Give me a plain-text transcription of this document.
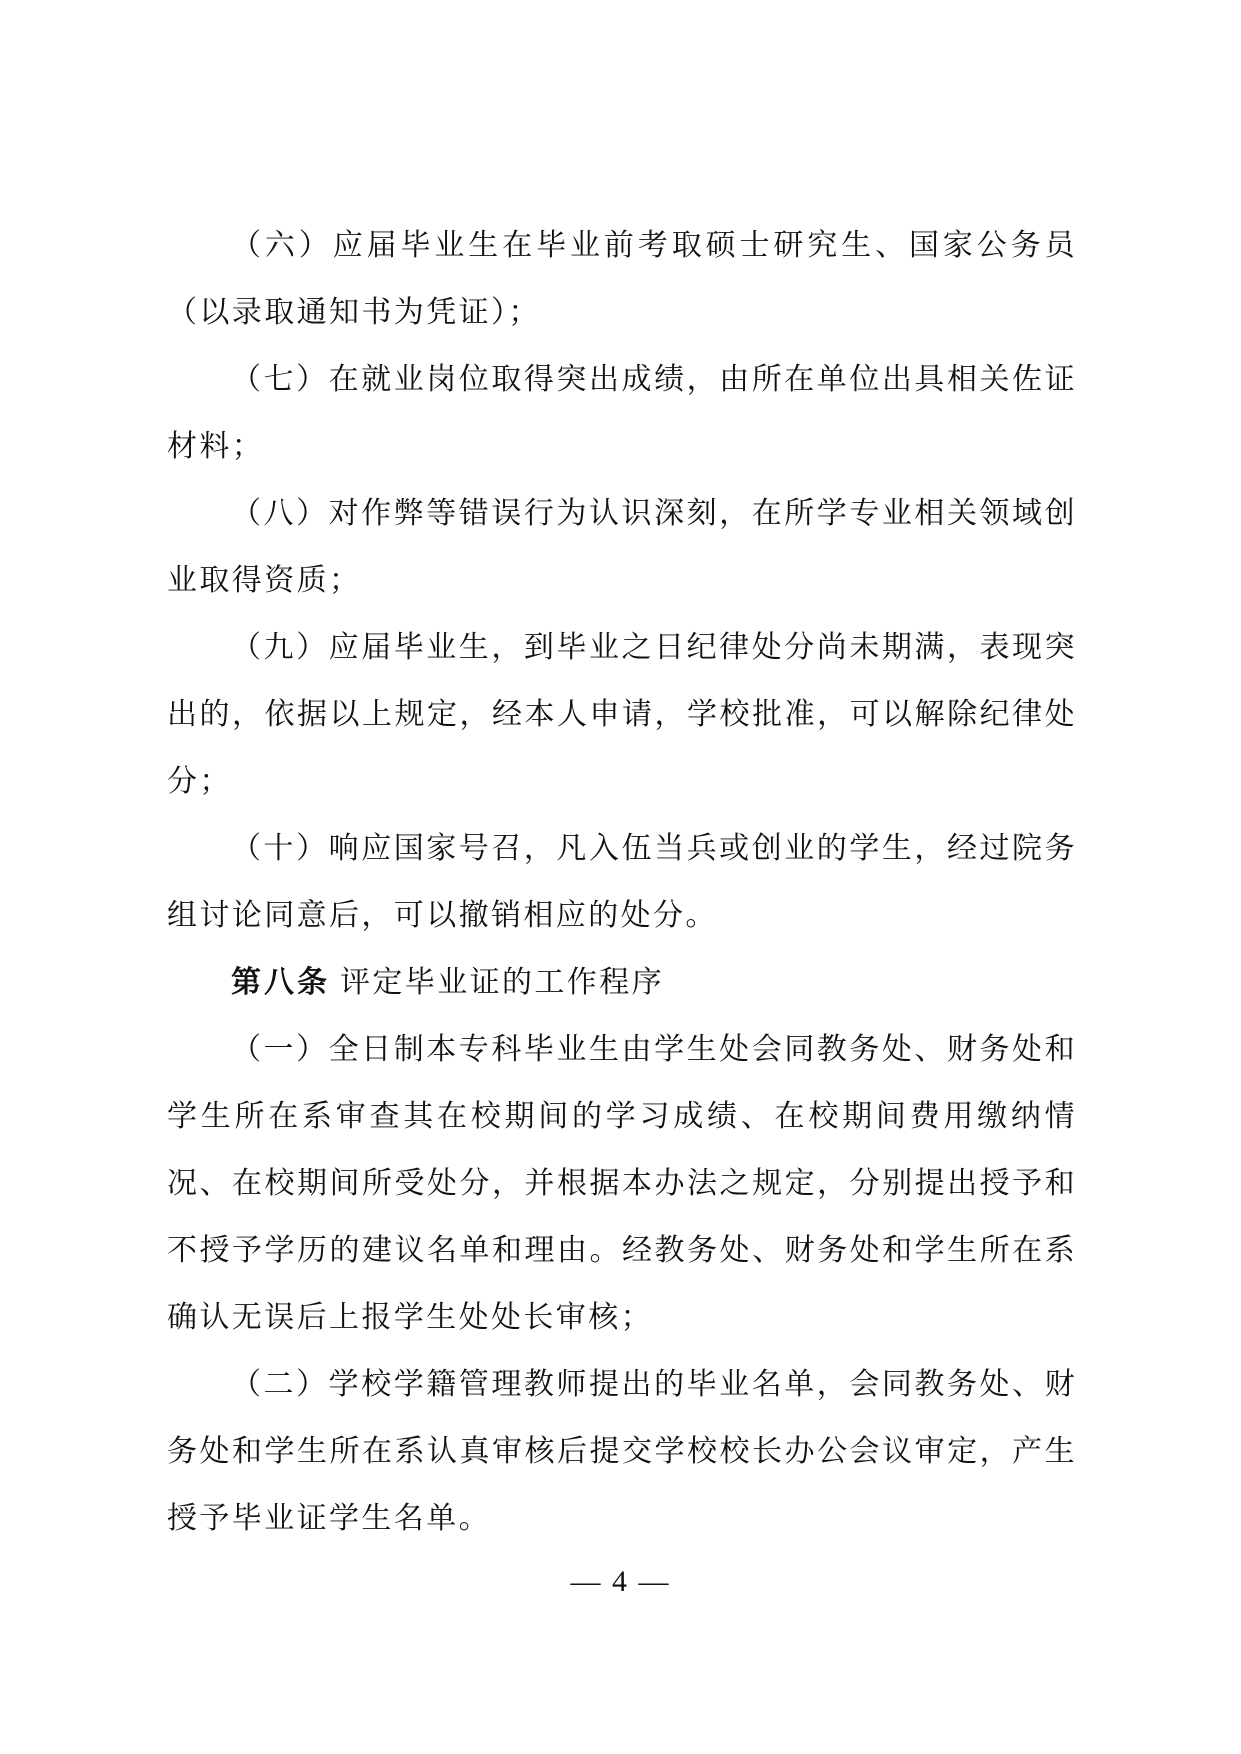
（六）应届毕业生在毕业前考取硕士研究生、国家公务员（以录取通知书为凭证）；

（七）在就业岗位取得突出成绩，由所在单位出具相关佐证材料；

（八）对作弊等错误行为认识深刻，在所学专业相关领域创业取得资质；

（九）应届毕业生，到毕业之日纪律处分尚未期满，表现突出的，依据以上规定，经本人申请，学校批准，可以解除纪律处分；

（十）响应国家号召，凡入伍当兵或创业的学生，经过院务组讨论同意后，可以撤销相应的处分。

第八条 评定毕业证的工作程序

（一）全日制本专科毕业生由学生处会同教务处、财务处和学生所在系审查其在校期间的学习成绩、在校期间费用缴纳情况、在校期间所受处分，并根据本办法之规定，分别提出授予和不授予学历的建议名单和理由。经教务处、财务处和学生所在系确认无误后上报学生处处长审核；

（二）学校学籍管理教师提出的毕业名单，会同教务处、财务处和学生所在系认真审核后提交学校校长办公会议审定，产生授予毕业证学生名单。

— 4 —
